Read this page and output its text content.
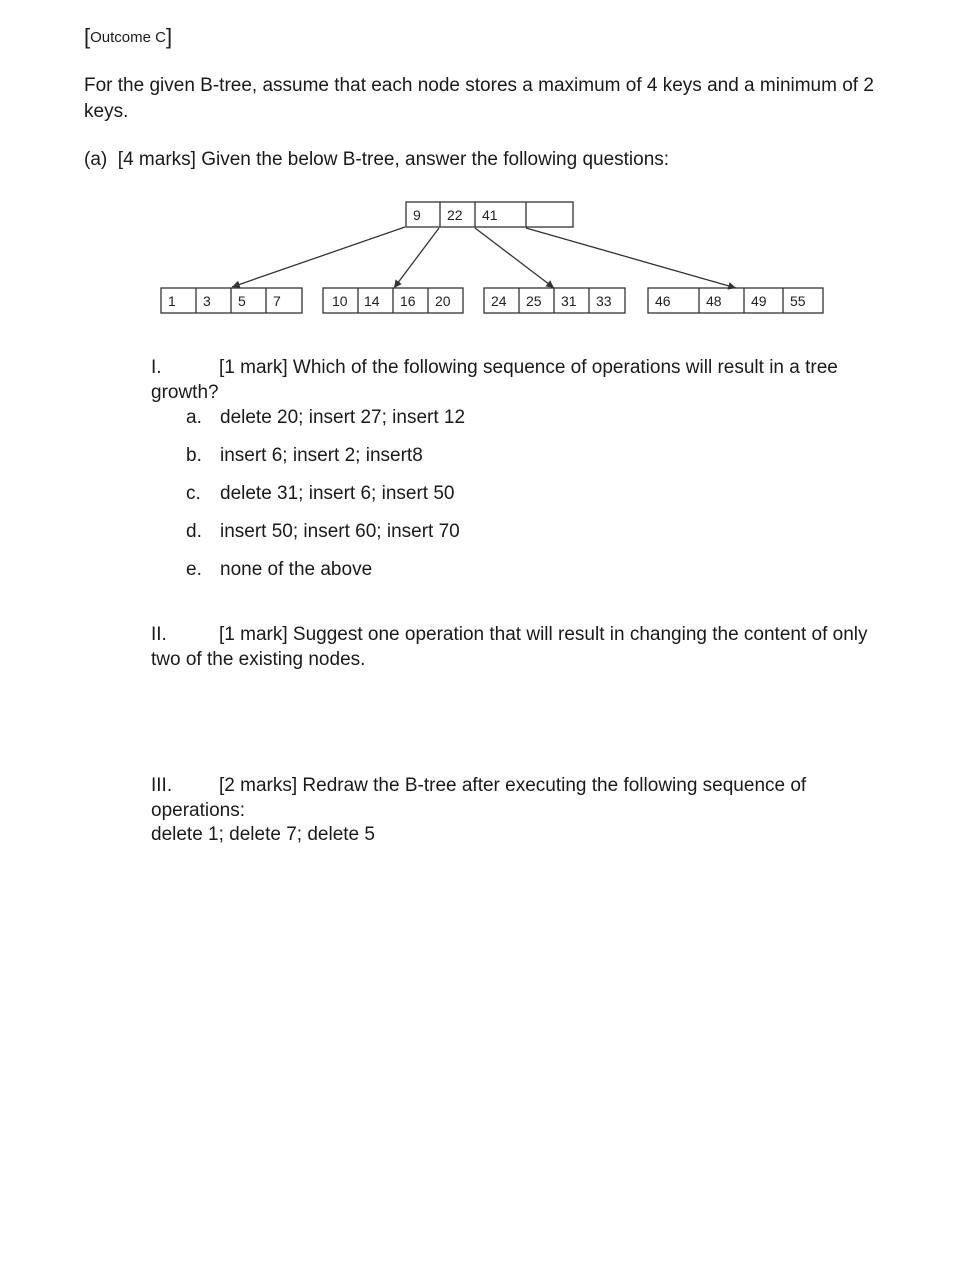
[Outcome C]
For the given B-tree, assume that each node stores a maximum of 4 keys and a minimum of 2 keys.
(a) [4 marks] Given the below B-tree, answer the following questions:
9 22 41
1 3 5 7	10 14 16 20	24 25 31 33	46	48 49 55
I.	[1 mark] Which of the following sequence of operations will result in a tree growth?
a. delete 20; insert 27; insert 12
b. insert 6; insert 2; insert8
c. delete 31; insert 6; insert 50
d. insert 50; insert 60; insert 70
e. none of the above
II.	[1 mark] Suggest one operation that will result in changing the content of only two of the existing nodes.
III. [2 marks] Redraw the B-tree after executing the following sequence of operations:
delete 1; delete 7; delete 5
